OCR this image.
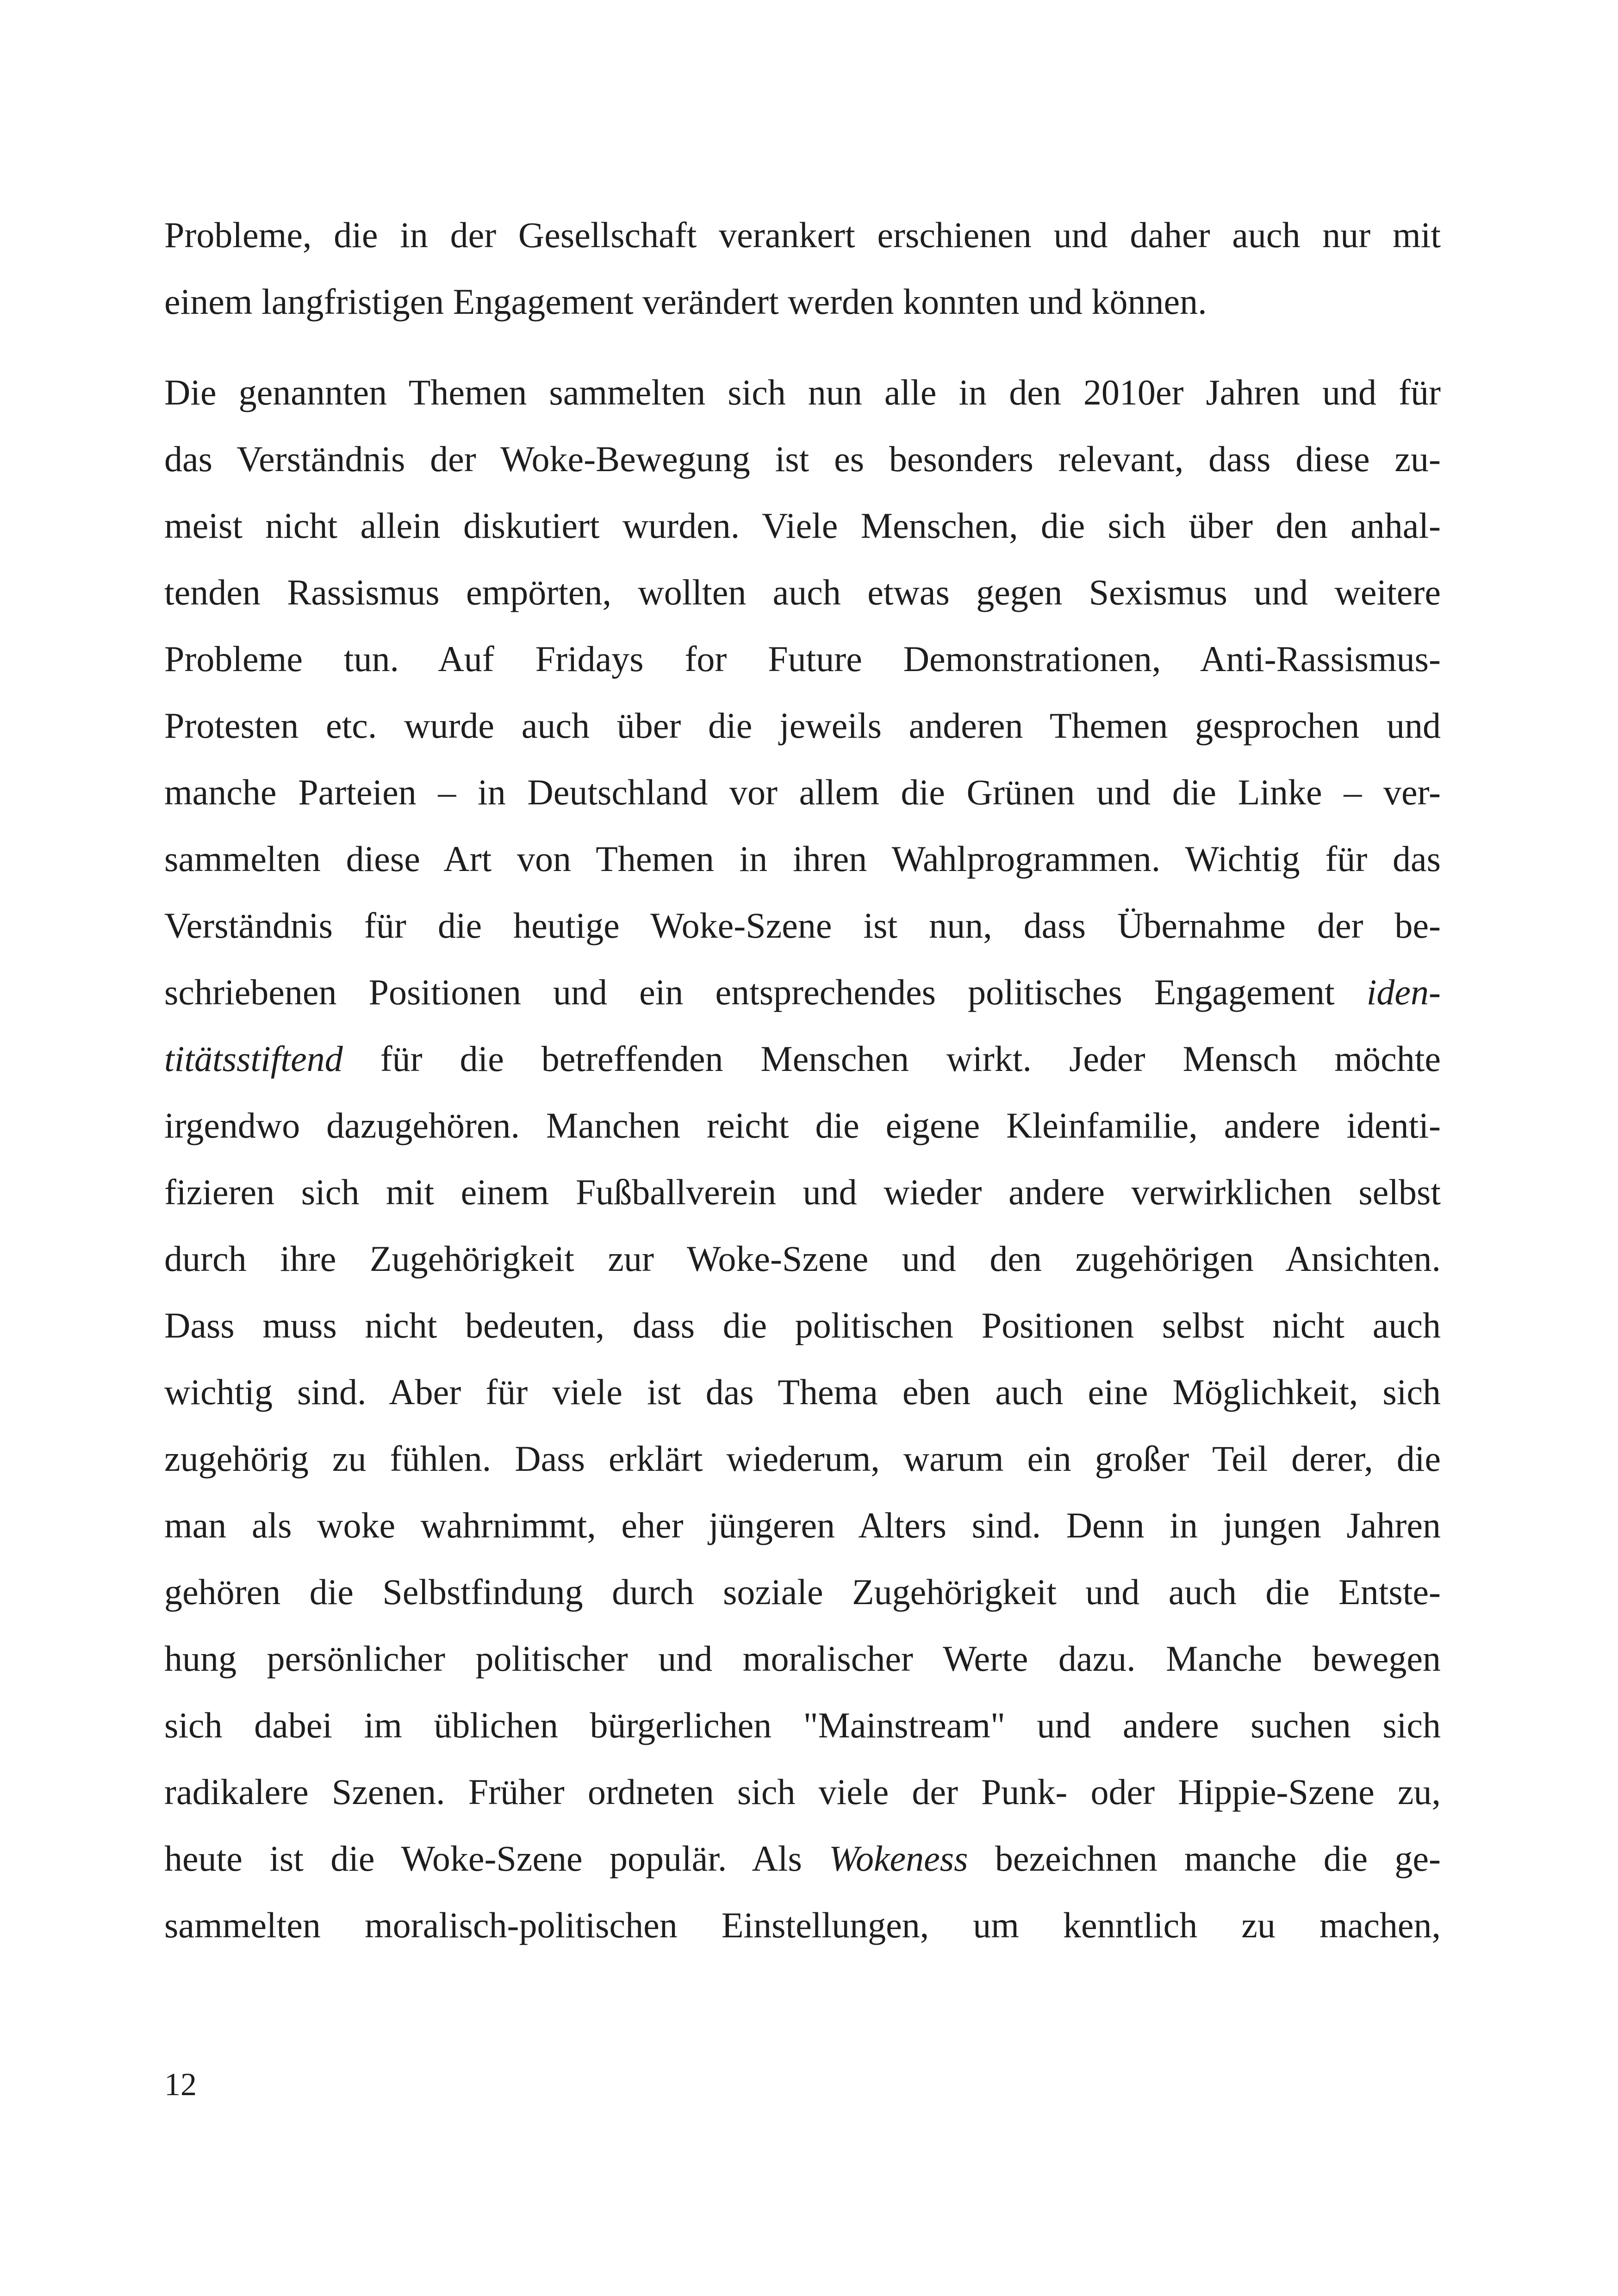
Probleme, die in der Gesellschaft verankert erschienen und daher auch nur mit
einem langfristigen Engagement verändert werden konnten und können.
Die genannten Themen sammelten sich nun alle in den 2010er Jahren und für
das Verständnis der Woke-Bewegung ist es besonders relevant, dass diese zu-
meist nicht allein diskutiert wurden. Viele Menschen, die sich über den anhal-
tenden Rassismus empörten, wollten auch etwas gegen Sexismus und weitere
Probleme tun. Auf Fridays for Future Demonstrationen, Anti-Rassismus-
Protesten etc. wurde auch über die jeweils anderen Themen gesprochen und
manche Parteien – in Deutschland vor allem die Grünen und die Linke – ver-
sammelten diese Art von Themen in ihren Wahlprogrammen. Wichtig für das
Verständnis für die heutige Woke-Szene ist nun, dass Übernahme der be-
schriebenen Positionen und ein entsprechendes politisches Engagement iden-
titätsstiftend für die betreffenden Menschen wirkt. Jeder Mensch möchte
irgendwo dazugehören. Manchen reicht die eigene Kleinfamilie, andere identi-
fizieren sich mit einem Fußballverein und wieder andere verwirklichen selbst
durch ihre Zugehörigkeit zur Woke-Szene und den zugehörigen Ansichten.
Dass muss nicht bedeuten, dass die politischen Positionen selbst nicht auch
wichtig sind. Aber für viele ist das Thema eben auch eine Möglichkeit, sich
zugehörig zu fühlen. Dass erklärt wiederum, warum ein großer Teil derer, die
man als woke wahrnimmt, eher jüngeren Alters sind. Denn in jungen Jahren
gehören die Selbstfindung durch soziale Zugehörigkeit und auch die Entste-
hung persönlicher politischer und moralischer Werte dazu. Manche bewegen
sich dabei im üblichen bürgerlichen "Mainstream" und andere suchen sich
radikalere Szenen. Früher ordneten sich viele der Punk- oder Hippie-Szene zu,
heute ist die Woke-Szene populär. Als Wokeness bezeichnen manche die ge-
sammelten moralisch-politischen Einstellungen, um kenntlich zu machen,
12
